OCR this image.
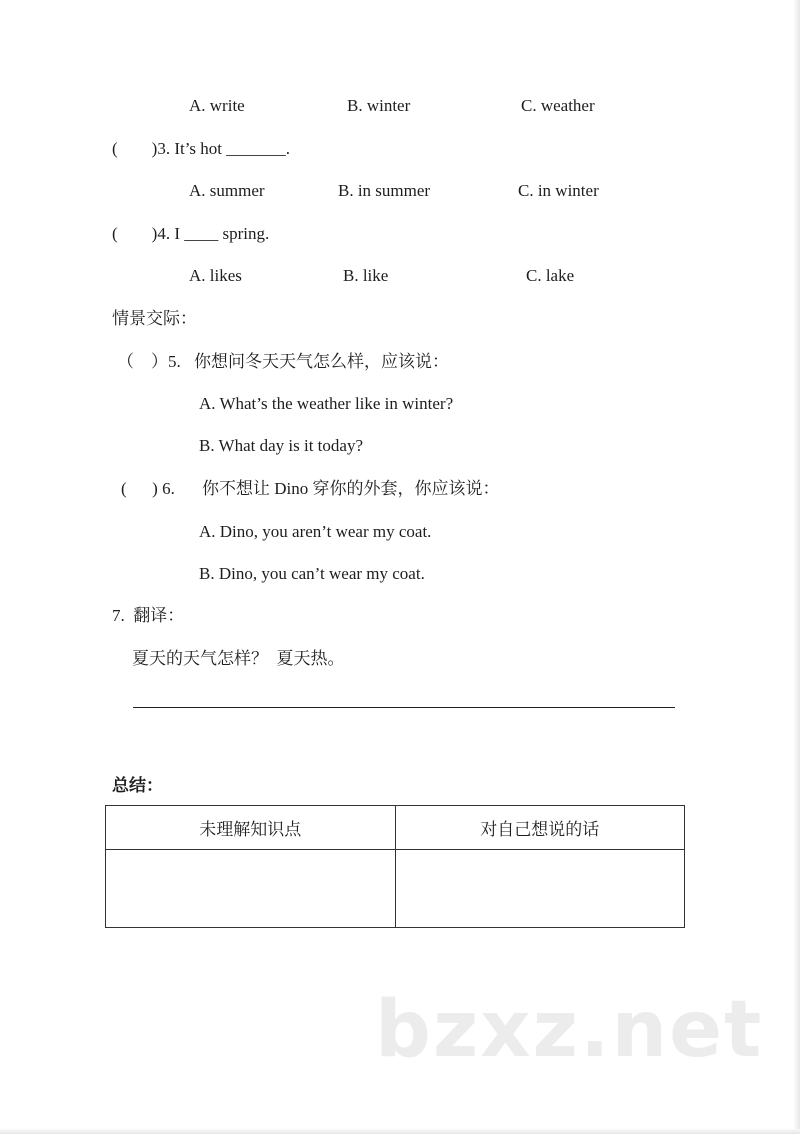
A. write	B. winter	C. weather
(        )3. It’s hot _______.
A. summer	B. in summer	C. in winter
(        )4. I ____ spring.
A. likes	B. like	C. lake
情景交际：
（    ）5. 你想问冬天天气怎么样，应该说：
A. What’s the weather like in winter?
B. What day is it today?
(      ) 6. 你不想让 Dino 穿你的外套，你应该说：
A. Dino, you aren’t wear my coat.
B. Dino, you can’t wear my coat.
7.  翻译：
夏天的天气怎样？  夏天热。
总结：
未理解知识点	对自己想说的话

bzxz.net
